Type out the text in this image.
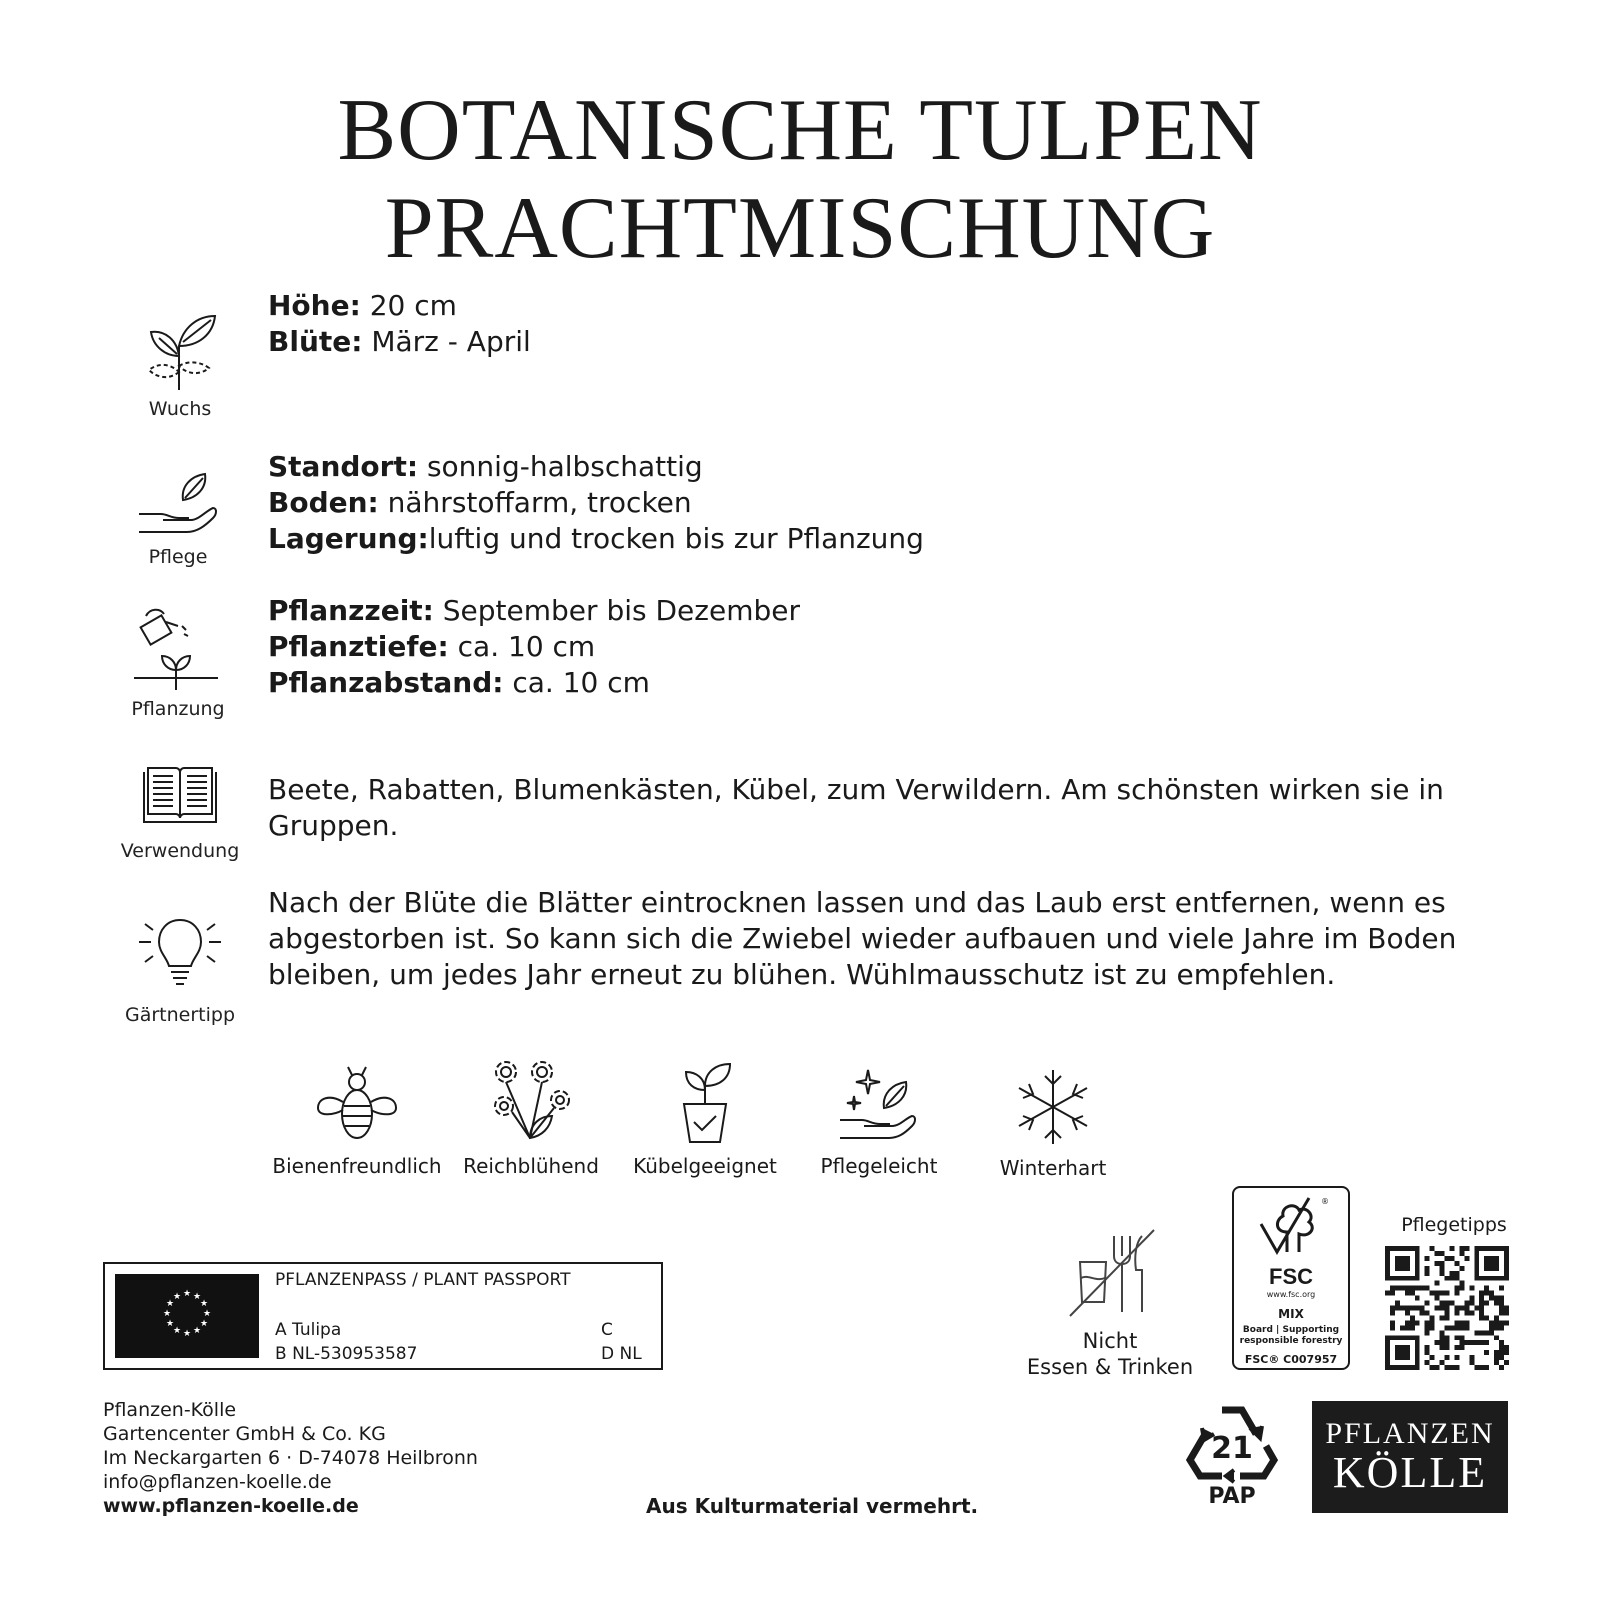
BOTANISCHE TULPEN
PRACHTMISCHUNG
Wuchs
Höhe: 20 cm
Blüte: März - April
Pflege
Standort: sonnig-halbschattig
Boden: nährstoffarm, trocken
Lagerung:luftig und trocken bis zur Pflanzung
Pflanzung
Pflanzzeit: September bis Dezember
Pflanztiefe: ca. 10 cm
Pflanzabstand: ca. 10 cm
Verwendung
Beete, Rabatten, Blumenkästen, Kübel, zum Verwildern. Am schönsten wirken sie in Gruppen.
Gärtnertipp
Nach der Blüte die Blätter eintrocknen lassen und das Laub erst entfernen, wenn es abgestorben ist. So kann sich die Zwiebel wieder aufbauen und viele Jahre im Boden bleiben, um jedes Jahr erneut zu blühen. Wühlmausschutz ist zu empfehlen.
Bienenfreundlich	Reichblühend	Kübelgeeignet	Pflegeleicht	Winterhart
★ ★
★
★
★
★
★
★
★
★
★
★
PFLANZENPASS / PLANT PASSPORT
A Tulipa
B NL-530953587
C
D NL
Pflanzen-Kölle
Gartencenter GmbH & Co. KG
Im Neckargarten 6 · D-74078 Heilbronn
info@pflanzen-koelle.de
www.pflanzen-koelle.de	Aus Kulturmaterial vermehrt.
Nicht
Essen & Trinken
®
FSC
www.fsc.org
MIX
Board | Supporting
responsible forestry
FSC® C007957
Pflegetipps
21
PAP
PFLANZEN
KÖLLE
